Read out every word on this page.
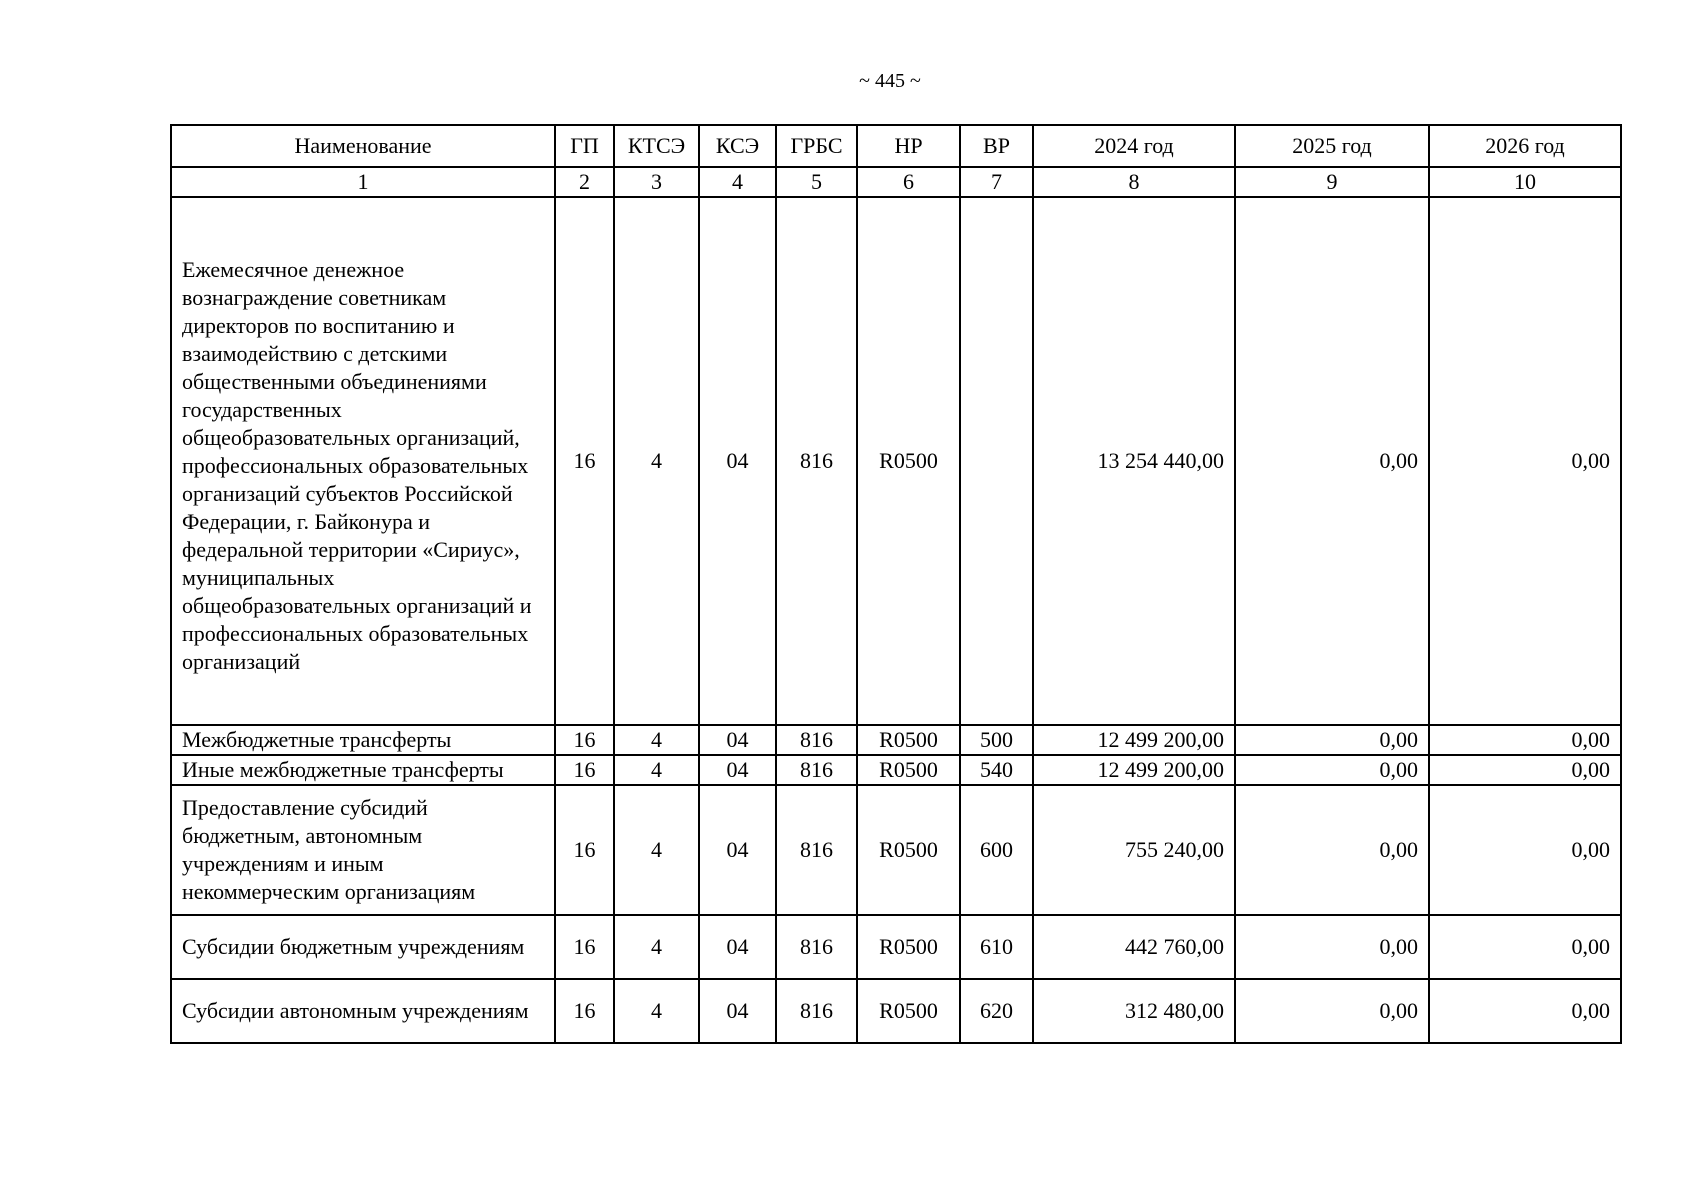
~ 445 ~
Наименование	ГП	КТСЭ	КСЭ	ГРБС	НР	ВР	2024 год	2025 год	2026 год
1	2	3	4	5	6	7	8	9	10
Ежемесячное денежное вознаграждение советникам директоров по воспитанию и взаимодействию с детскими общественными объединениями государственных общеобразовательных организаций, профессиональных образовательных организаций субъектов Российской Федерации, г. Байконура и федеральной территории «Сириус», муниципальных общеобразовательных организаций и профессиональных образовательных организаций	16	4	04	816	R0500		13 254 440,00	0,00	0,00
Межбюджетные трансферты	16	4	04	816	R0500	500	12 499 200,00	0,00	0,00
Иные межбюджетные трансферты	16	4	04	816	R0500	540	12 499 200,00	0,00	0,00
Предоставление субсидий бюджетным, автономным учреждениям и иным некоммерческим организациям	16	4	04	816	R0500	600	755 240,00	0,00	0,00
Субсидии бюджетным учреждениям	16	4	04	816	R0500	610	442 760,00	0,00	0,00
Субсидии автономным учреждениям	16	4	04	816	R0500	620	312 480,00	0,00	0,00
